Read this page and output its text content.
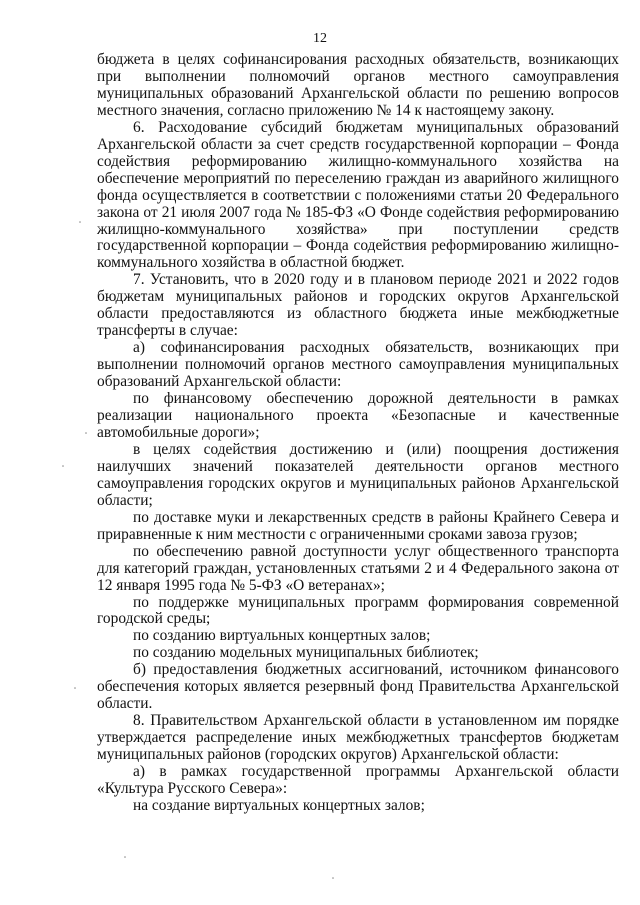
12

бюджета в целях софинансирования расходных обязательств, возникающих при выполнении полномочий органов местного самоуправления муниципальных образований Архангельской области по решению вопросов местного значения, согласно приложению № 14 к настоящему закону.

6. Расходование субсидий бюджетам муниципальных образований Архангельской области за счет средств государственной корпорации – Фонда содействия реформированию жилищно-коммунального хозяйства на обеспечение мероприятий по переселению граждан из аварийного жилищного фонда осуществляется в соответствии с положениями статьи 20 Федерального закона от 21 июля 2007 года № 185-ФЗ «О Фонде содействия реформированию жилищно-коммунального хозяйства» при поступлении средств государственной корпорации – Фонда содействия реформированию жилищно-коммунального хозяйства в областной бюджет.

7. Установить, что в 2020 году и в плановом периоде 2021 и 2022 годов бюджетам муниципальных районов и городских округов Архангельской области предоставляются из областного бюджета иные межбюджетные трансферты в случае:

а) софинансирования расходных обязательств, возникающих при выполнении полномочий органов местного самоуправления муниципальных образований Архангельской области:

по финансовому обеспечению дорожной деятельности в рамках реализации национального проекта «Безопасные и качественные автомобильные дороги»;

в целях содействия достижению и (или) поощрения достижения наилучших значений показателей деятельности органов местного самоуправления городских округов и муниципальных районов Архангельской области;

по доставке муки и лекарственных средств в районы Крайнего Севера и приравненные к ним местности с ограниченными сроками завоза грузов;

по обеспечению равной доступности услуг общественного транспорта для категорий граждан, установленных статьями 2 и 4 Федерального закона от 12 января 1995 года № 5-ФЗ «О ветеранах»;

по поддержке муниципальных программ формирования современной городской среды;

по созданию виртуальных концертных залов;

по созданию модельных муниципальных библиотек;

б) предоставления бюджетных ассигнований, источником финансового обеспечения которых является резервный фонд Правительства Архангельской области.

8. Правительством Архангельской области в установленном им порядке утверждается распределение иных межбюджетных трансфертов бюджетам муниципальных районов (городских округов) Архангельской области:

а) в рамках государственной программы Архангельской области «Культура Русского Севера»:

на создание виртуальных концертных залов;
